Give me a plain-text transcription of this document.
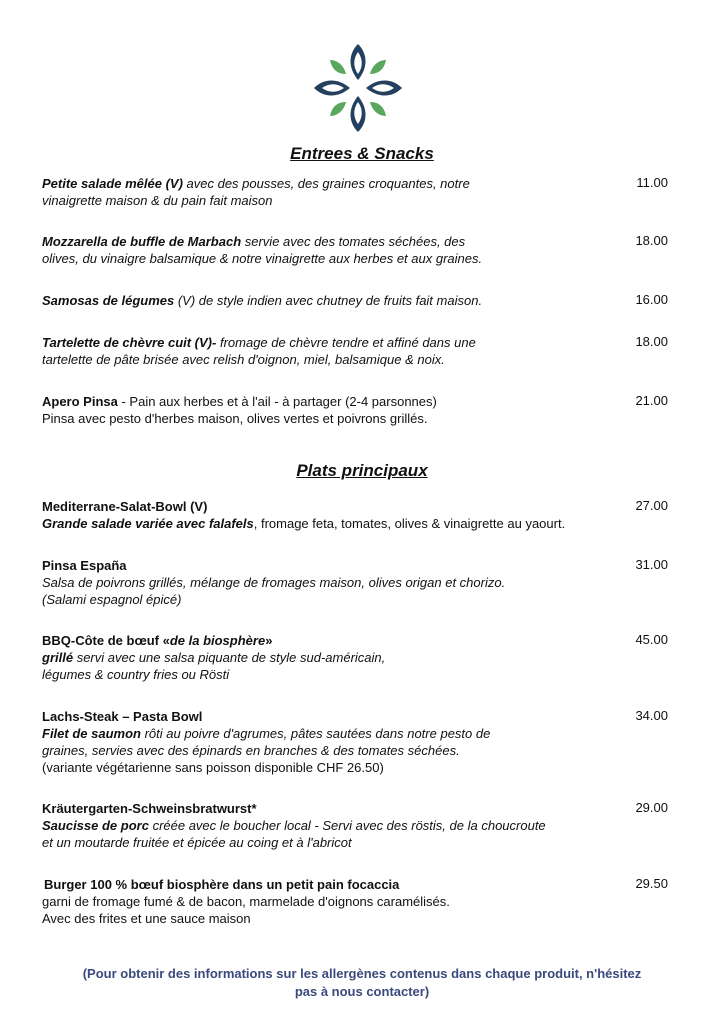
Entrees & Snacks
Petite salade mêlée (V) avec des pousses, des graines croquantes, notre
vinaigrette maison & du pain fait maison
11.00
Mozzarella de buffle de Marbach servie avec des tomates séchées, des
olives, du vinaigre balsamique & notre vinaigrette aux herbes et aux graines.
18.00
Samosas de légumes (V) de style indien avec chutney de fruits fait maison.	16.00
Tartelette de chèvre cuit (V)- fromage de chèvre tendre et affiné dans une
tartelette de pâte brisée avec relish d'oignon, miel, balsamique & noix.
18.00
Apero Pinsa - Pain aux herbes et à l'ail - à partager (2-4 parsonnes)
Pinsa avec pesto d'herbes maison, olives vertes et poivrons grillés.
21.00
Plats principaux
Mediterrane-Salat-Bowl (V)
Grande salade variée avec falafels, fromage feta, tomates, olives & vinaigrette au yaourt.
27.00
Pinsa España
Salsa de poivrons grillés, mélange de fromages maison, olives origan et chorizo.
(Salami espagnol épicé)
31.00
BBQ-Côte de bœuf «de la biosphère»
grillé servi avec une salsa piquante de style sud-américain,
légumes & country fries ou Rösti
45.00
Lachs-Steak – Pasta Bowl
Filet de saumon rôti au poivre d'agrumes, pâtes sautées dans notre pesto de
graines, servies avec des épinards en branches & des tomates séchées.
(variante végétarienne sans poisson disponible CHF 26.50)
34.00
Kräutergarten-Schweinsbratwurst*
Saucisse de porc créée avec le boucher local - Servi avec des röstis, de la choucroute
et un moutarde fruitée et épicée au coing et à l'abricot
29.00
Burger 100 % bœuf biosphère dans un petit pain focaccia
garni de fromage fumé & de bacon, marmelade d'oignons caramélisés.
Avec des frites et une sauce maison
29.50
(Pour obtenir des informations sur les allergènes contenus dans chaque produit, n'hésitez
pas à nous contacter)
